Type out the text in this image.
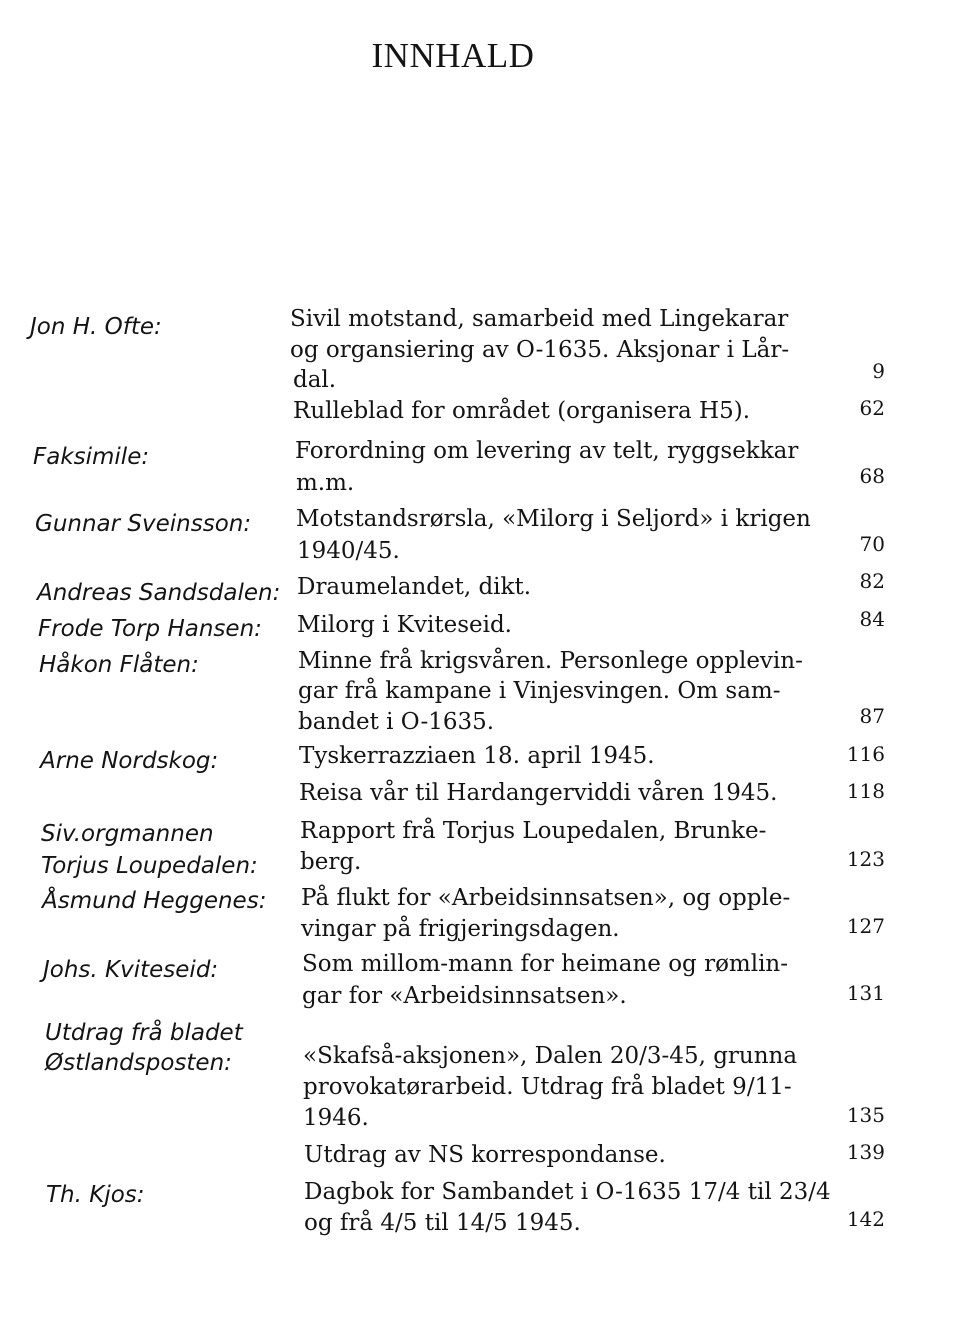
INNHALD
Jon H. Ofte:
Faksimile:
Gunnar Sveinsson:
Andreas Sandsdalen:
Frode Torp Hansen:
Håkon Flåten:
Arne Nordskog:
Siv.orgmannen
Torjus Loupedalen:
Åsmund Heggenes:
Johs. Kviteseid:
Utdrag frå bladet
Østlandsposten:
Th. Kjos:
Sivil motstand, samarbeid med Lingekarar
og organsiering av O-1635. Aksjonar i Lår-
dal.
Rulleblad for området (organisera H5).
Forordning om levering av telt, ryggsekkar
m.m.
Motstandsrørsla, «Milorg i Seljord» i krigen
1940/45.
Draumelandet, dikt.
Milorg i Kviteseid.
Minne frå krigsvåren. Personlege opplevin-
gar frå kampane i Vinjesvingen. Om sam-
bandet i O-1635.
Tyskerrazziaen 18. april 1945.
Reisa vår til Hardangerviddi våren 1945.
Rapport frå Torjus Loupedalen, Brunke-
berg.
På flukt for «Arbeidsinnsatsen», og opple-
vingar på frigjeringsdagen.
Som millom-mann for heimane og rømlin-
gar for «Arbeidsinnsatsen».
«Skafså-aksjonen», Dalen 20/3-45, grunna
provokatørarbeid. Utdrag frå bladet 9/11-
1946.
Utdrag av NS korrespondanse.
Dagbok for Sambandet i O-1635 17/4 til 23/4
og frå 4/5 til 14/5 1945.
9
62
68
70
82
84
87
116
118
123
127
131
135
139
142
